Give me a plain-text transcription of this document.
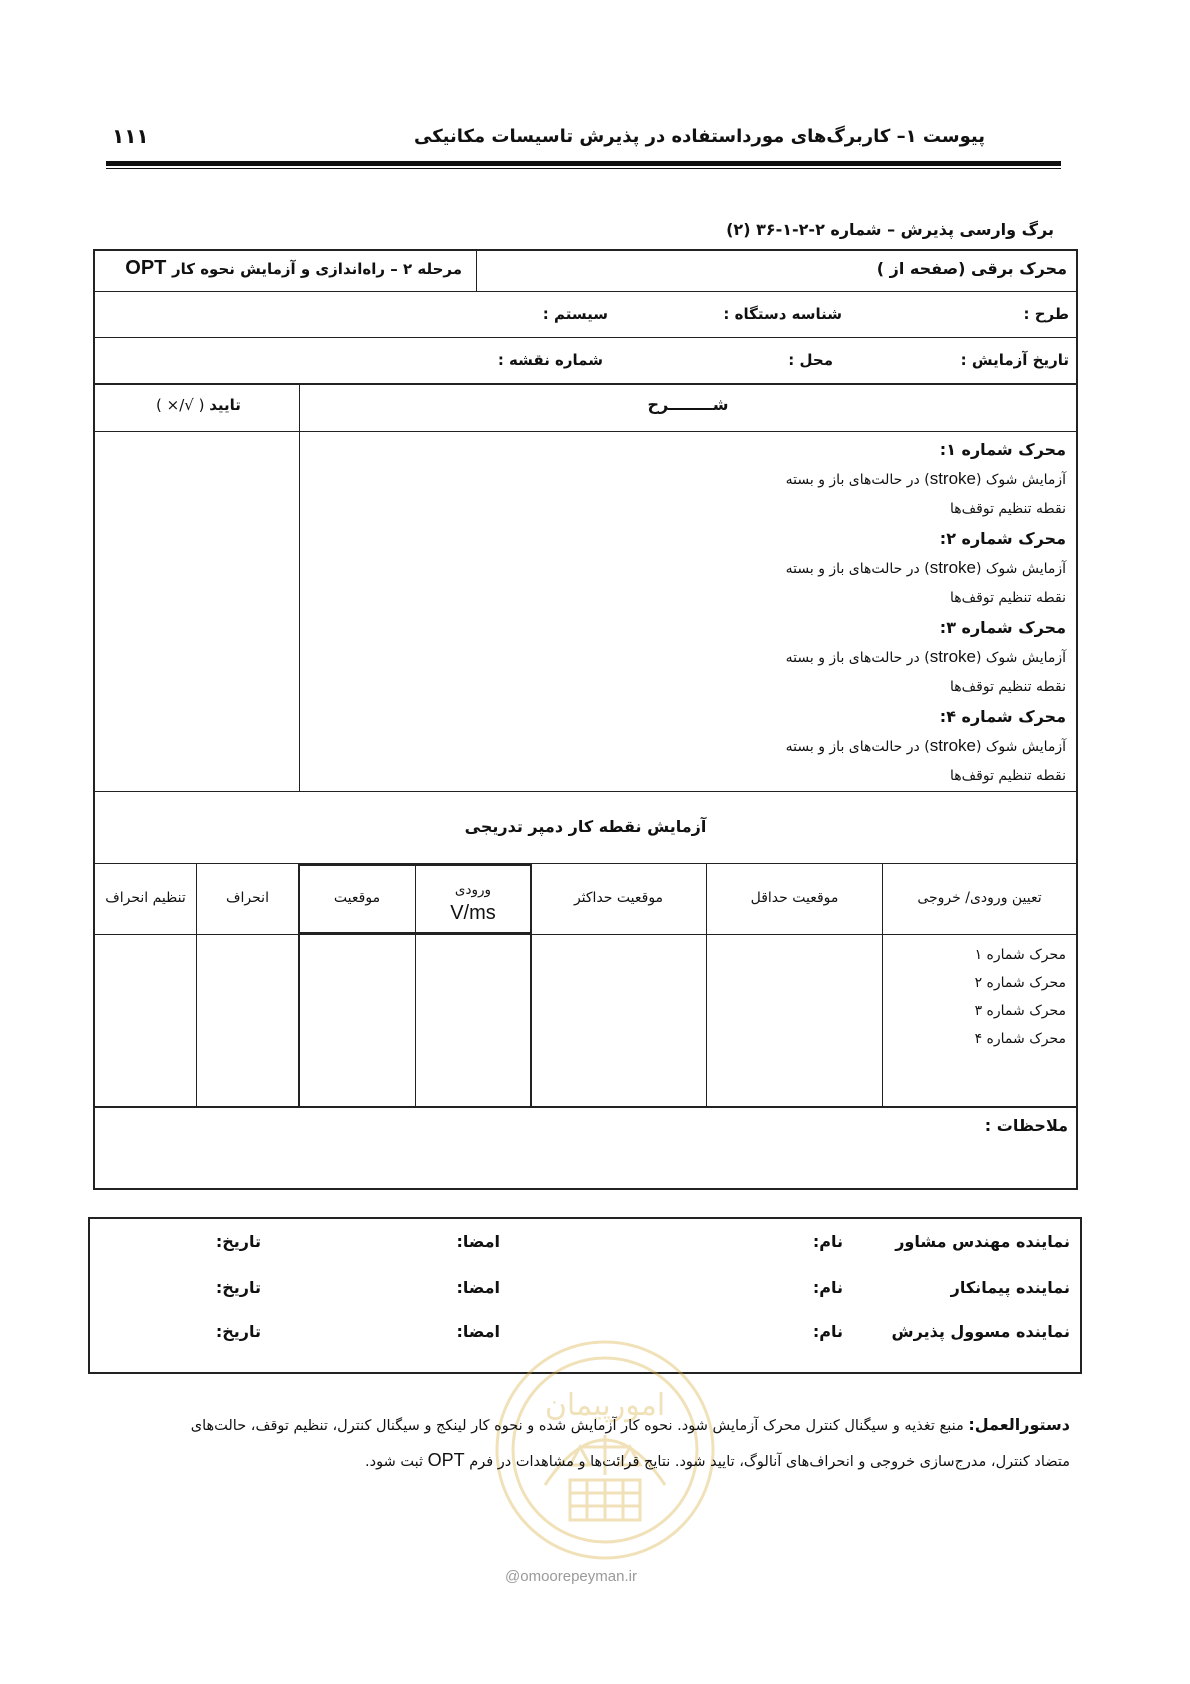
۱۱۱	پیوست ۱– کاربرگ‌های مورداستفاده در پذیرش تاسیسات مکانیکی
برگ وارسی پذیرش – شماره ۲-۲-۱-۳۶ (۲)
محرک برقی (صفحه از )
مرحله ۲ – راه‌اندازی و آزمایش نحوه کار OPT
طرح :
شناسه دستگاه :
سیستم :
تاریخ آزمایش :
محل :
شماره نقشه :
شــــــــرح
تایید ( √/× )
محرک شماره ۱:
آزمایش شوک (stroke) در حالت‌های باز و بسته
نقطه تنظیم توقف‌ها
محرک شماره ۲:
آزمایش شوک (stroke) در حالت‌های باز و بسته
نقطه تنظیم توقف‌ها
محرک شماره ۳:
آزمایش شوک (stroke) در حالت‌های باز و بسته
نقطه تنظیم توقف‌ها
محرک شماره ۴:
آزمایش شوک (stroke) در حالت‌های باز و بسته
نقطه تنظیم توقف‌ها
آزمایش نقطه کار دمپر تدریجی
تعیین ورودی/ خروجی
موقعیت حداقل
موقعیت حداکثر
ورودی
V/ms
موقعیت
انحراف
تنظیم انحراف
محرک شماره ۱
محرک شماره ۲
محرک شماره ۳
محرک شماره ۴
ملاحظات :
نماینده مهندس مشاور
نام:
امضا:
تاریخ:
نماینده پیمانکار
نام:
امضا:
تاریخ:
نماینده مسوول پذیرش
نام:
امضا:
تاریخ:
امورپیمان
@omoorepeyman.ir
دستورالعمل: منبع تغذیه و سیگنال کنترل محرک آزمایش شود. نحوه کار آزمایش شده و نحوه کار لینکج و سیگنال کنترل، تنظیم توقف، حالت‌های
متضاد کنترل، مدرج‌سازی خروجی و انحراف‌های آنالوگ، تایید شود. نتایج قرائت‌ها و مشاهدات در فرم OPT ثبت شود.
